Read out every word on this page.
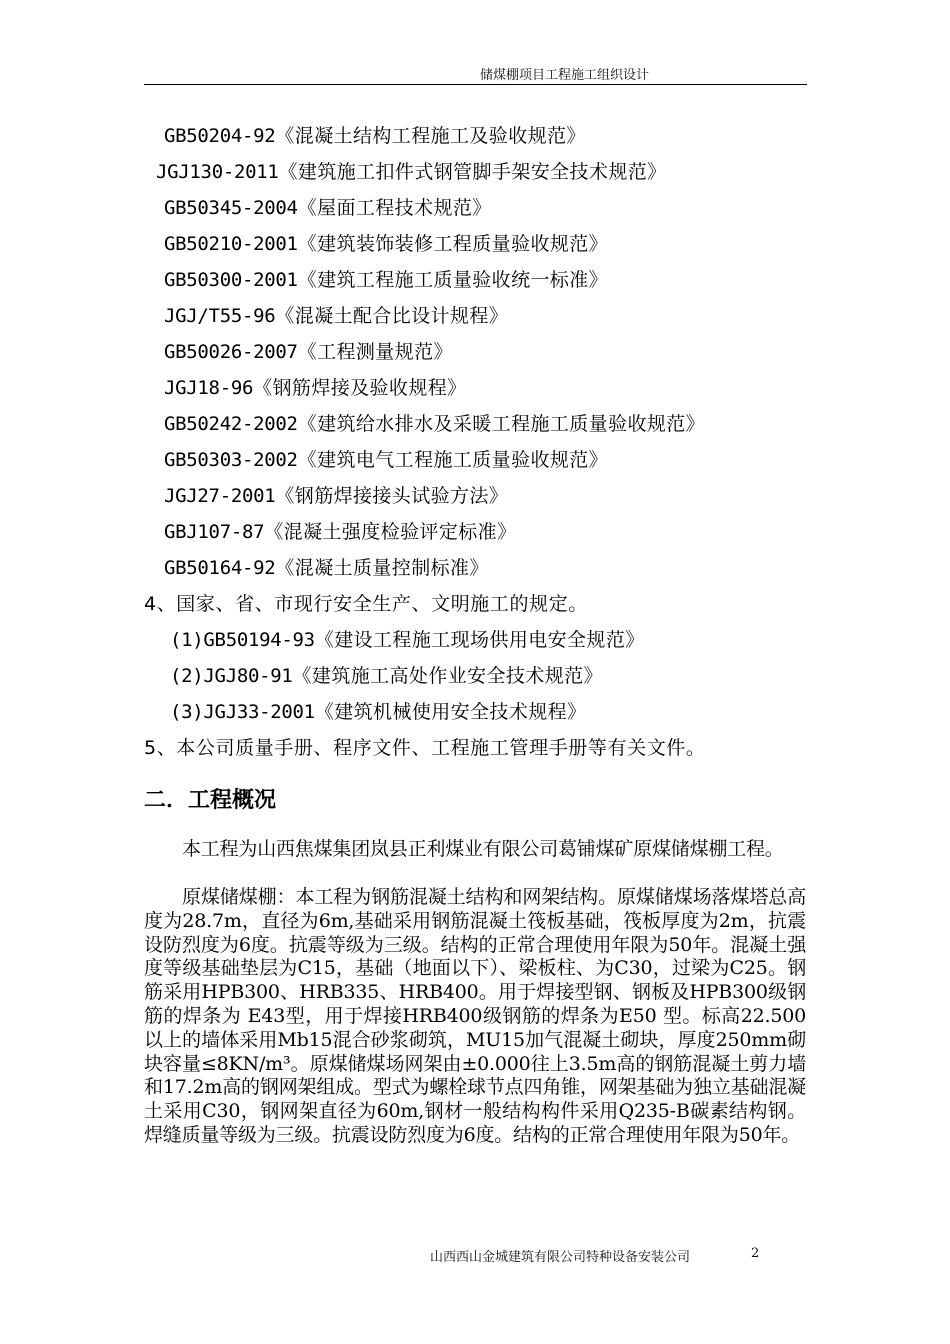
储煤棚项目工程施工组织设计
GB50204-92《混凝土结构工程施工及验收规范》
JGJ130-2011《建筑施工扣件式钢管脚手架安全技术规范》
GB50345-2004《屋面工程技术规范》
GB50210-2001《建筑装饰装修工程质量验收规范》
GB50300-2001《建筑工程施工质量验收统一标准》
JGJ/T55-96《混凝土配合比设计规程》
GB50026-2007《工程测量规范》
JGJ18-96《钢筋焊接及验收规程》
GB50242-2002《建筑给水排水及采暖工程施工质量验收规范》
GB50303-2002《建筑电气工程施工质量验收规范》
JGJ27-2001《钢筋焊接接头试验方法》
GBJ107-87《混凝土强度检验评定标准》
GB50164-92《混凝土质量控制标准》
4、国家、省、市现行安全生产、文明施工的规定。
(1)GB50194-93《建设工程施工现场供用电安全规范》
(2)JGJ80-91《建筑施工高处作业安全技术规范》
(3)JGJ33-2001《建筑机械使用安全技术规程》
5、本公司质量手册、程序文件、工程施工管理手册等有关文件。
二．工程概况

本工程为山西焦煤集团岚县正利煤业有限公司葛铺煤矿原煤储煤棚工程。

原煤储煤棚：本工程为钢筋混凝土结构和网架结构。原煤储煤场落煤塔总高度为28.7m，直径为6m,基础采用钢筋混凝土筏板基础，筏板厚度为2m，抗震设防烈度为6度。抗震等级为三级。结构的正常合理使用年限为50年。混凝土强度等级基础垫层为C15，基础（地面以下）、梁板柱、为C30，过梁为C25。钢筋采用HPB300、HRB335、HRB400。用于焊接型钢、钢板及HPB300级钢筋的焊条为 E43型，用于焊接HRB400级钢筋的焊条为E50 型。标高22.500以上的墙体采用Mb15混合砂浆砌筑，MU15加气混凝土砌块，厚度250mm砌块容量≤8KN/m³。原煤储煤场网架由±0.000往上3.5m高的钢筋混凝土剪力墙和17.2m高的钢网架组成。型式为螺栓球节点四角锥，网架基础为独立基础混凝土采用C30，钢网架直径为60m,钢材一般结构构件采用Q235-B碳素结构钢。焊缝质量等级为三级。抗震设防烈度为6度。结构的正常合理使用年限为50年。

山西西山金城建筑有限公司特种设备安装公司	2
